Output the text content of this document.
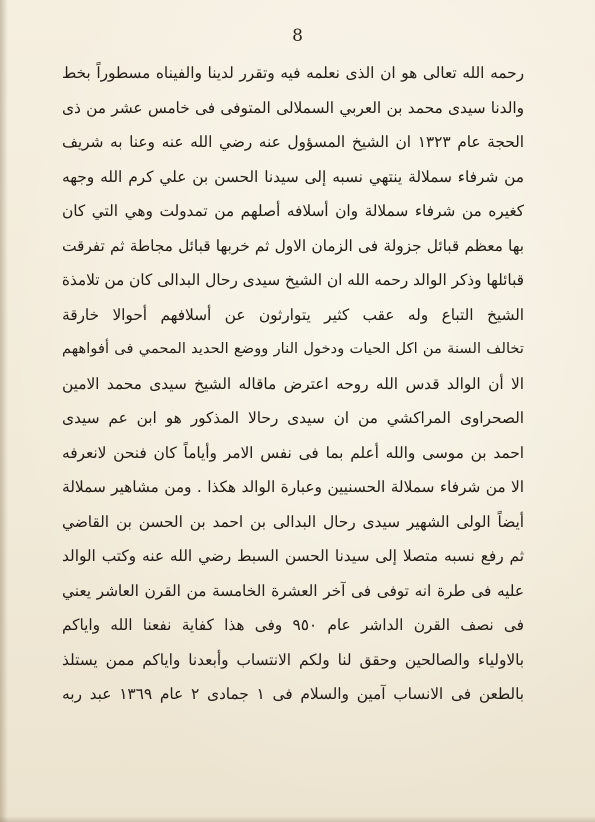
8
رحمه الله تعالى هو ان الذى نعلمه فيه وتقرر لدينا والفيناه مسطوراً بخط
والدنا سيدى محمد بن العربي السملالى المتوفى فى خامس عشر من ذى
الحجة عام ١٣٢٣ ان الشيخ المسؤول عنه رضي الله عنه وعنا به شريف
من شرفاء سملالة ينتهي نسبه إلى سيدنا الحسن بن علي كرم الله وجهه
كغيره من شرفاء سملالة وان أسلافه أصلهم من تمدولت وهي التي كان
بها معظم قبائل جزولة فى الزمان الاول ثم خربها قبائل مجاطة ثم تفرقت
قبائلها وذكر الوالد رحمه الله ان الشيخ سيدى رحال البدالى كان من تلامذة
الشيخ التباع وله عقب كثير يتوارثون عن أسلافهم أحوالا خارقة
تخالف السنة من اكل الحيات ودخول النار ووضع الحديد المحمي فى أفواههم
الا أن الوالد قدس الله روحه اعترض ماقاله الشيخ سيدى محمد الامين
الصحراوى المراكشي من ان سيدى رحالا المذكور هو ابن عم سيدى
احمد بن موسى والله أعلم بما فى نفس الامر وأياماً كان فنحن لانعرفه
الا من شرفاء سملالة الحسنيين وعبارة الوالد هكذا . ومن مشاهير سملالة
أيضاً الولى الشهير سيدى رحال البدالى بن احمد بن الحسن بن القاضي
ثم رفع نسبه متصلا إلى سيدنا الحسن السبط رضي الله عنه وكتب الوالد
عليه فى طرة انه توفى فى آخر العشرة الخامسة من القرن العاشر يعني
فى نصف القرن الداشر عام ٩٥٠ وفى هذا كفاية نفعنا الله واياكم
بالاولياء والصالحين وحقق لنا ولكم الانتساب وأبعدنا واياكم ممن يستلذ
بالطعن فى الانساب آمين والسلام فى ١ جمادى ٢ عام ١٣٦٩ عبد ربه
